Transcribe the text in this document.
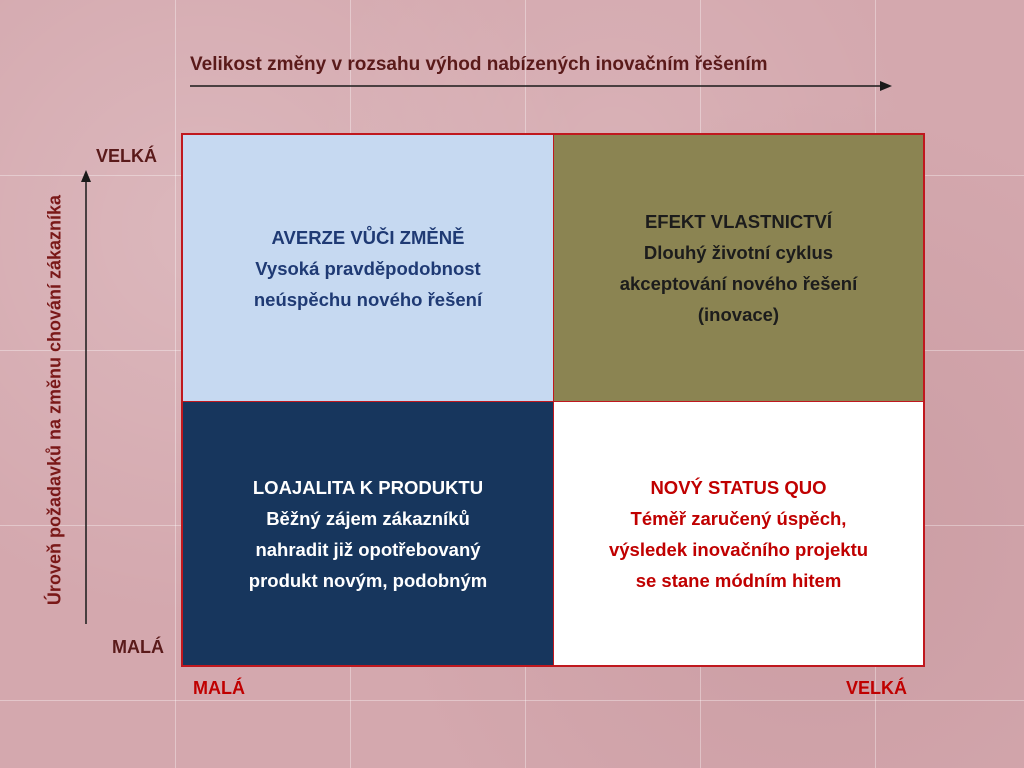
Velikost změny v rozsahu výhod nabízených inovačním řešením
Úroveň požadavků na změnu chování zákazníka
VELKÁ
MALÁ
MALÁ	VELKÁ

AVERZE VŮČI ZMĚNĚ

Vysoká pravděpodobnost

neúspěchu nového řešení

EFEKT VLASTNICTVÍ

Dlouhý životní cyklus

akceptování nového řešení

(inovace)

LOAJALITA K PRODUKTU

Běžný zájem zákazníků

nahradit již opotřebovaný

produkt novým, podobným

NOVÝ STATUS QUO

Téměř zaručený úspěch,

výsledek inovačního projektu

se stane módním hitem
